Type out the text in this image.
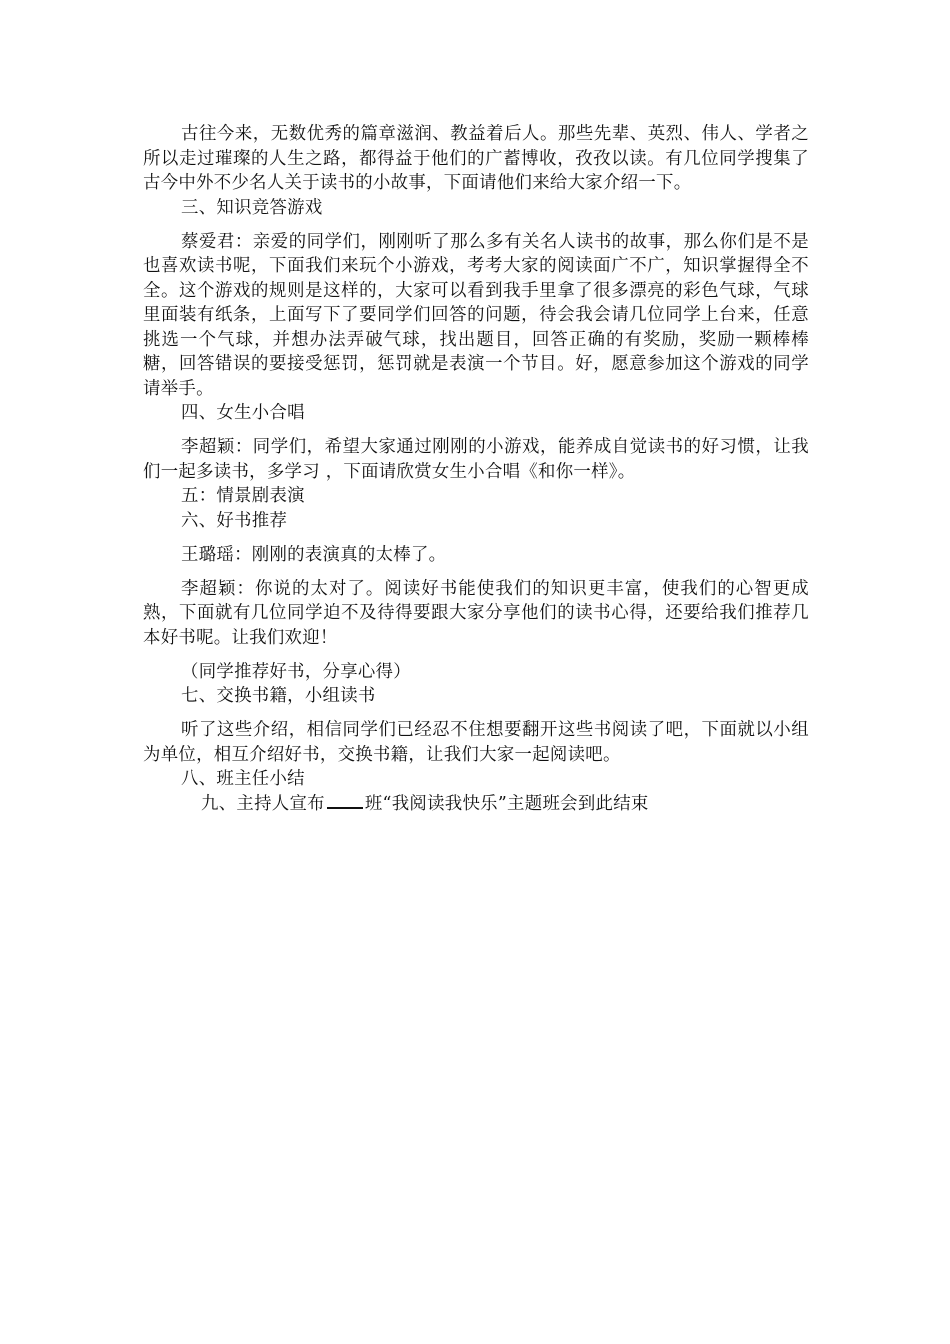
古往今来，无数优秀的篇章滋润、教益着后人。那些先辈、英烈、伟人、学者之所以走过璀璨的人生之路，都得益于他们的广蓄博收，孜孜以读。有几位同学搜集了古今中外不少名人关于读书的小故事，下面请他们来给大家介绍一下。

三、知识竞答游戏

蔡爱君：亲爱的同学们，刚刚听了那么多有关名人读书的故事，那么你们是不是也喜欢读书呢，下面我们来玩个小游戏，考考大家的阅读面广不广，知识掌握得全不全。这个游戏的规则是这样的，大家可以看到我手里拿了很多漂亮的彩色气球，气球里面装有纸条，上面写下了要同学们回答的问题，待会我会请几位同学上台来，任意挑选一个气球，并想办法弄破气球，找出题目，回答正确的有奖励，奖励一颗棒棒糖，回答错误的要接受惩罚，惩罚就是表演一个节目。好，愿意参加这个游戏的同学请举手。

四、女生小合唱

李超颖：同学们，希望大家通过刚刚的小游戏，能养成自觉读书的好习惯，让我们一起多读书，多学习 ，下面请欣赏女生小合唱《和你一样》。

五：情景剧表演

六、好书推荐

王璐瑶：刚刚的表演真的太棒了。

李超颖：你说的太对了。阅读好书能使我们的知识更丰富，使我们的心智更成熟，下面就有几位同学迫不及待得要跟大家分享他们的读书心得，还要给我们推荐几本好书呢。让我们欢迎！

（同学推荐好书，分享心得）

七、交换书籍，小组读书

听了这些介绍，相信同学们已经忍不住想要翻开这些书阅读了吧，下面就以小组为单位，相互介绍好书，交换书籍，让我们大家一起阅读吧。

八、班主任小结

九、主持人宣布 班“我阅读我快乐”主题班会到此结束
